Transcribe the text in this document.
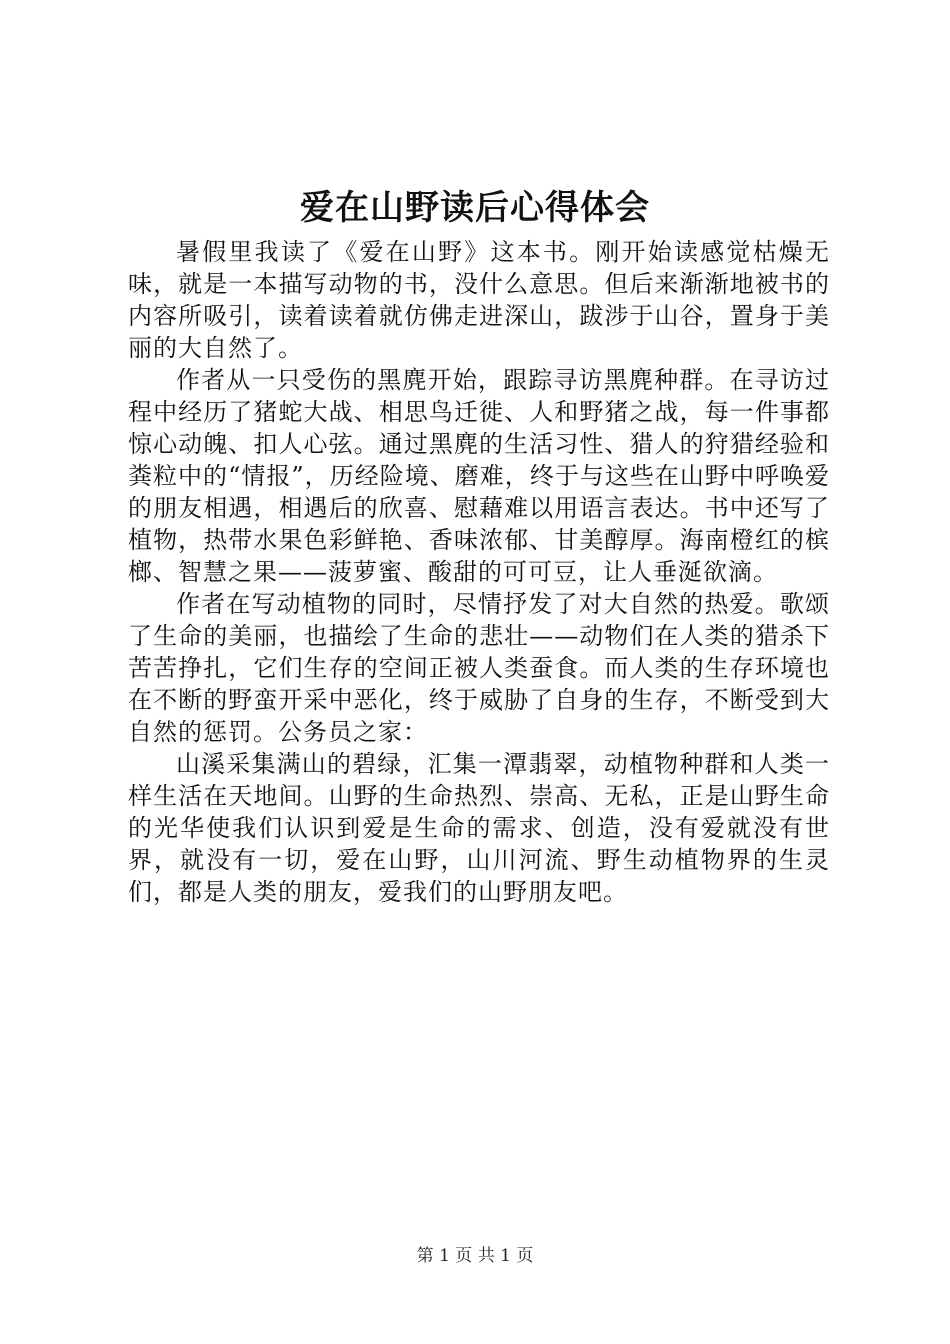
爱在山野读后心得体会

暑假里我读了《爱在山野》这本书。刚开始读感觉枯燥无味，就是一本描写动物的书，没什么意思。但后来渐渐地被书的内容所吸引，读着读着就仿佛走进深山，跋涉于山谷，置身于美丽的大自然了。

作者从一只受伤的黑麂开始，跟踪寻访黑麂种群。在寻访过程中经历了猪蛇大战、相思鸟迁徙、人和野猪之战，每一件事都惊心动魄、扣人心弦。通过黑麂的生活习性、猎人的狩猎经验和粪粒中的“情报”，历经险境、磨难，终于与这些在山野中呼唤爱的朋友相遇，相遇后的欣喜、慰藉难以用语言表达。书中还写了植物，热带水果色彩鲜艳、香味浓郁、甘美醇厚。海南橙红的槟榔、智慧之果——菠萝蜜、酸甜的可可豆，让人垂涎欲滴。

作者在写动植物的同时，尽情抒发了对大自然的热爱。歌颂了生命的美丽，也描绘了生命的悲壮——动物们在人类的猎杀下苦苦挣扎，它们生存的空间正被人类蚕食。而人类的生存环境也在不断的野蛮开采中恶化，终于威胁了自身的生存，不断受到大自然的惩罚。公务员之家：

山溪采集满山的碧绿，汇集一潭翡翠，动植物种群和人类一样生活在天地间。山野的生命热烈、崇高、无私，正是山野生命的光华使我们认识到爱是生命的需求、创造，没有爱就没有世界，就没有一切，爱在山野，山川河流、野生动植物界的生灵们，都是人类的朋友，爱我们的山野朋友吧。

第 1 页 共 1 页
